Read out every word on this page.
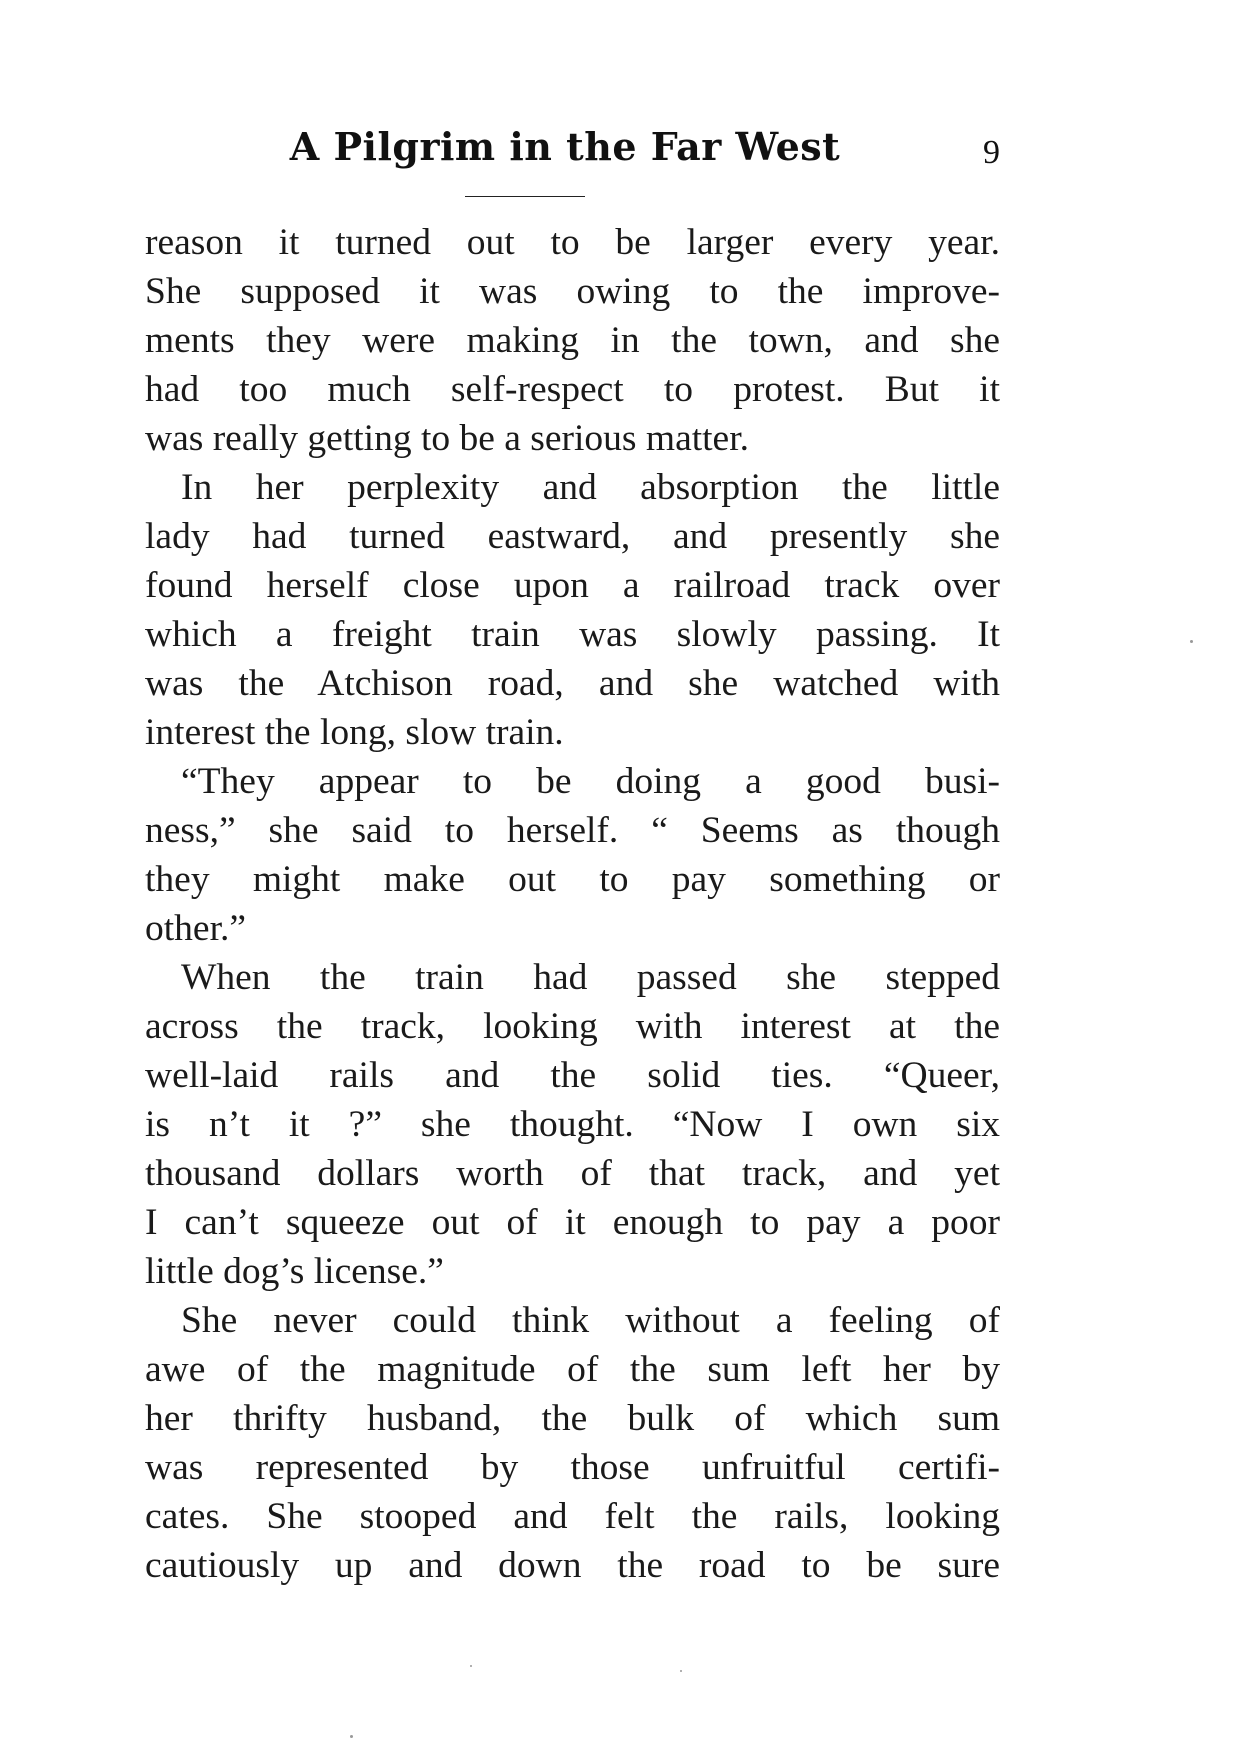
A Pilgrim in the Far West	9
reason it turned out to be larger every year.
She supposed it was owing to the improve-
ments they were making in the town, and she
had too much self-respect to protest. But it
was really getting to be a serious matter.
In her perplexity and absorption the little
lady had turned eastward, and presently she
found herself close upon a railroad track over
which a freight train was slowly passing. It
was the Atchison road, and she watched with
interest the long, slow train.
“They appear to be doing a good busi-
ness,” she said to herself. “ Seems as though
they might make out to pay something or
other.”
When the train had passed she stepped
across the track, looking with interest at the
well-laid rails and the solid ties. “Queer,
is n’t it ?” she thought. “Now I own six
thousand dollars worth of that track, and yet
I can’t squeeze out of it enough to pay a poor
little dog’s license.”
She never could think without a feeling of
awe of the magnitude of the sum left her by
her thrifty husband, the bulk of which sum
was represented by those unfruitful certifi-
cates. She stooped and felt the rails, looking
cautiously up and down the road to be sure
